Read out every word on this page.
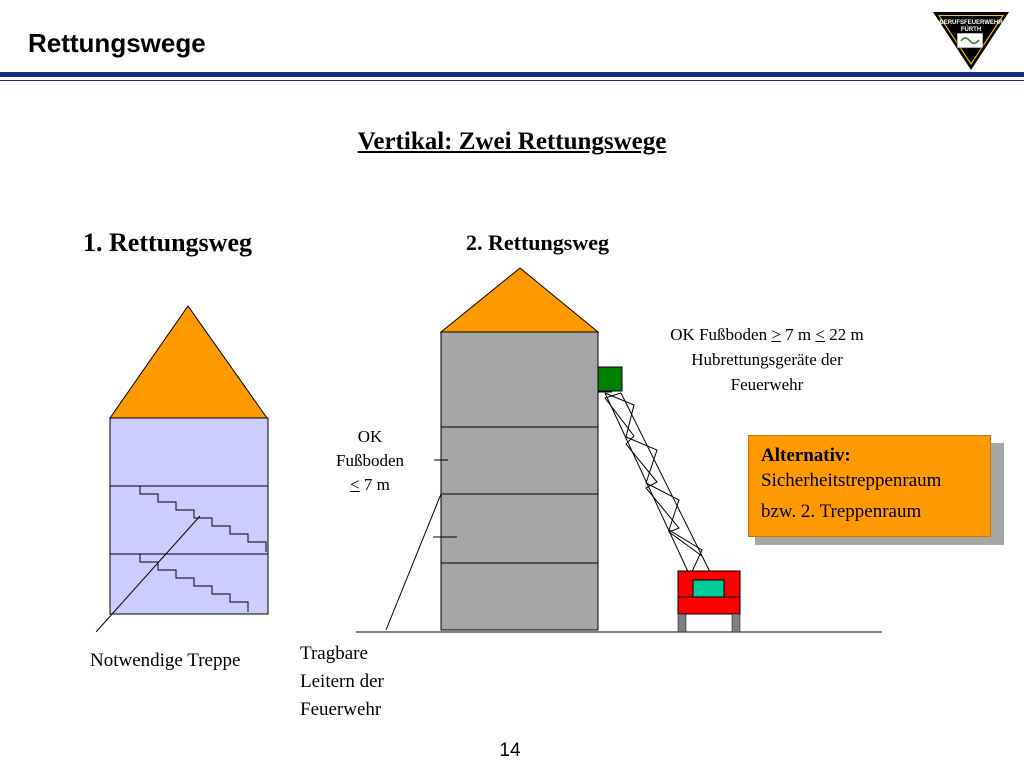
Rettungswege
BERUFSFEUERWEHR
FÜRTH
Vertikal: Zwei Rettungswege
1. Rettungsweg	2. Rettungsweg
OK Fußboden > 7 m < 22 m
Hubrettungsgeräte der
Feuerwehr
OK
Fußboden
< 7 m
Alternativ:
Sicherheitstreppenraum
bzw. 2. Treppenraum
Notwendige Treppe	Tragbare
Leitern der
Feuerwehr
14
